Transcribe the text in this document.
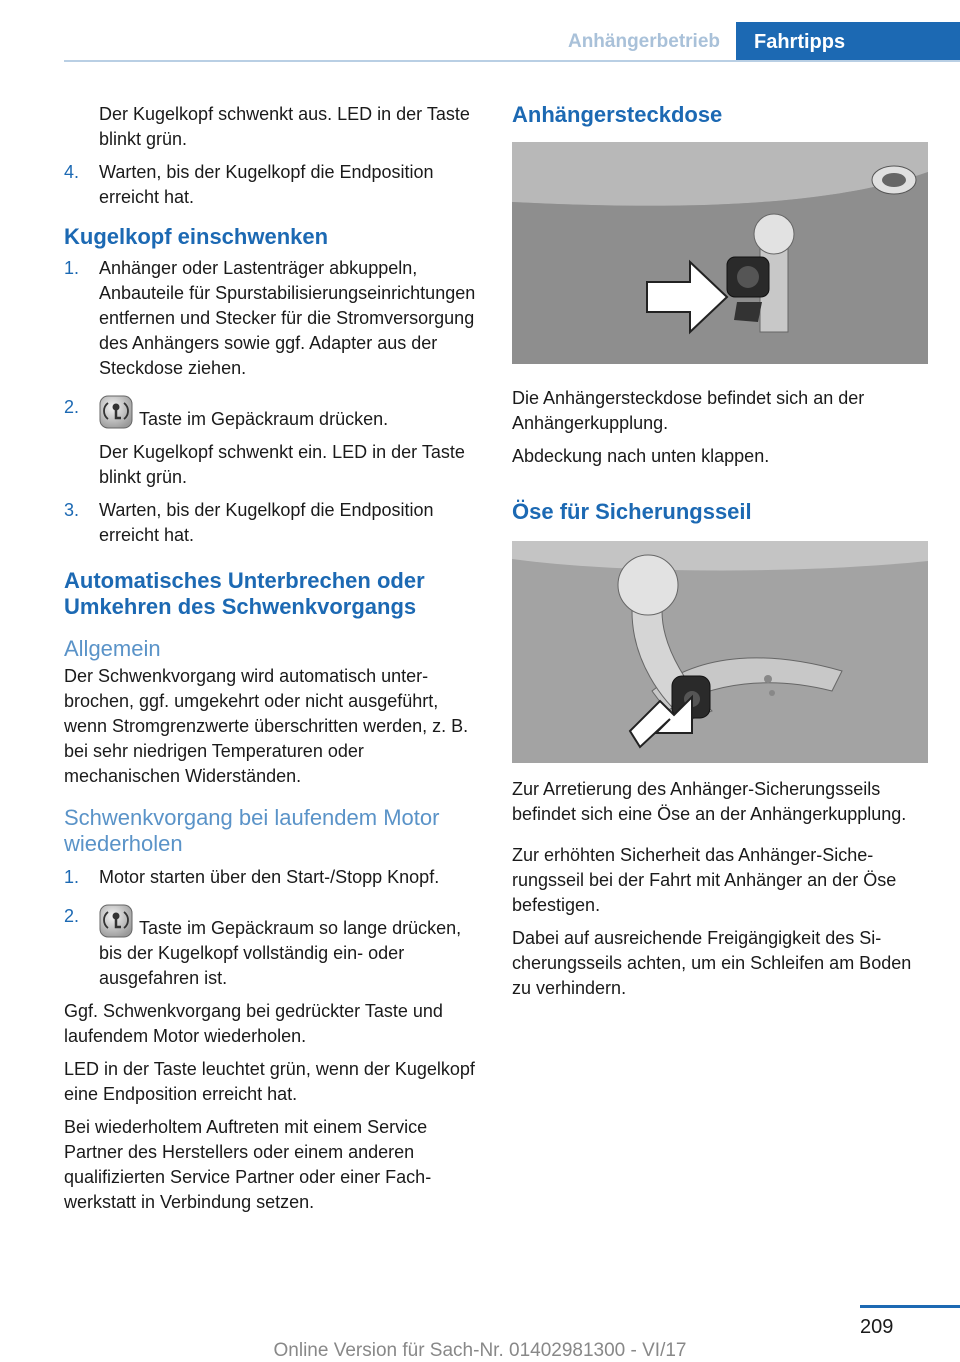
Anhängerbetrieb	Fahrtipps

Der Kugelkopf schwenkt aus. LED in der Taste blinkt grün.

4. Warten, bis der Kugelkopf die Endposition erreicht hat.

Kugelkopf einschwenken
1. Anhänger oder Lastenträger abkuppeln, Anbauteile für Spurstabilisierungseinrichtungen entfernen und Stecker für die Stromversorgung des Anhängers sowie ggf. Adapter aus der Steckdose ziehen.

2.

Taste im Gepäckraum drücken.

Der Kugelkopf schwenkt ein. LED in der Taste blinkt grün.

3. Warten, bis der Kugelkopf die Endposition erreicht hat.

Automatisches Unterbrechen oder Umkehren des Schwenkvorgangs
Allgemein

Der Schwenkvorgang wird automatisch unterbrochen, ggf. umgekehrt oder nicht ausgeführt, wenn Stromgrenzwerte überschritten werden, z. B. bei sehr niedrigen Temperaturen oder mechanischen Widerständen.

Schwenkvorgang bei laufendem Motor wiederholen
1. Motor starten über den Start-/Stopp Knopf.

2.

Taste im Gepäckraum so lange drücken, bis der Kugelkopf vollständig ein- oder ausgefahren ist.

Ggf. Schwenkvorgang bei gedrückter Taste und laufendem Motor wiederholen.

LED in der Taste leuchtet grün, wenn der Kugelkopf eine Endposition erreicht hat.

Bei wiederholtem Auftreten mit einem Service Partner des Herstellers oder einem anderen qualifizierten Service Partner oder einer Fachwerkstatt in Verbindung setzen.

Anhängersteckdose

Die Anhängersteckdose befindet sich an der Anhängerkupplung.

Abdeckung nach unten klappen.

Öse für Sicherungsseil

Zur Arretierung des Anhänger-Sicherungsseils befindet sich eine Öse an der Anhängerkupplung.

Zur erhöhten Sicherheit das Anhänger-Sicherungsseil bei der Fahrt mit Anhänger an der Öse befestigen.

Dabei auf ausreichende Freigängigkeit des Sicherungsseils achten, um ein Schleifen am Boden zu verhindern.

209
Online Version für Sach-Nr. 01402981300 - VI/17
